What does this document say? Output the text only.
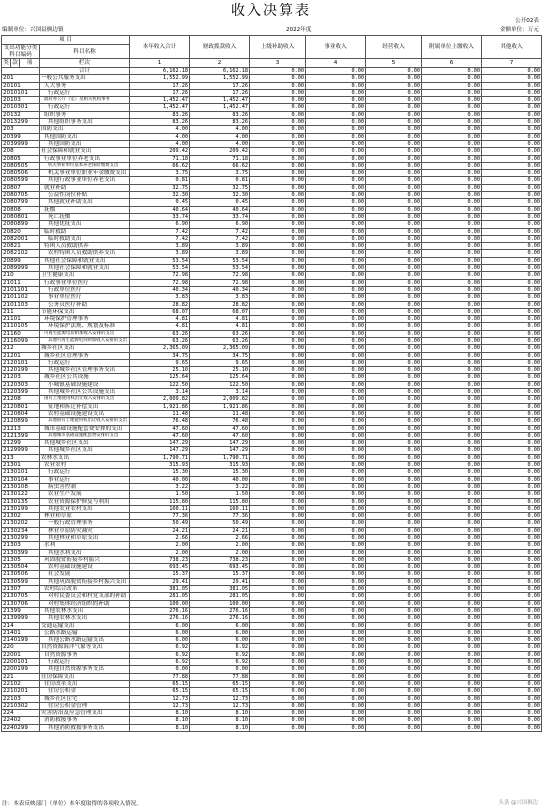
收入决算表
公开02表
编制单位：兴国县枫边镇	2022年度	金额单位：万元
项 目				本年收入合计	财政拨款收入	上级补助收入	事业收入	经营收入	附属单位上缴收入	其他收入
支出功能分类科目编码			科目名称							

类	款	项	栏次	1	2	3	4	5	6	7
			合计	6,162.18	6,162.18	0.00	0.00	0.00	0.00	0.00
201			一般公共服务支出	1,552.99	1,552.99	0.00	0.00	0.00	0.00	0.00
20101			人大事务	17.26	17.26	0.00	0.00	0.00	0.00	0.00
2010101			行政运行	17.26	17.26	0.00	0.00	0.00	0.00	0.00
20103			政府办公厅（室）及相关机构事务	1,452.47	1,452.47	0.00	0.00	0.00	0.00	0.00
2010301			行政运行	1,452.47	1,452.47	0.00	0.00	0.00	0.00	0.00
20132			组织事务	83.26	83.26	0.00	0.00	0.00	0.00	0.00
2013299			其他组织事务支出	83.26	83.26	0.00	0.00	0.00	0.00	0.00
203			国防支出	4.00	4.00	0.00	0.00	0.00	0.00	0.00
20399			其他国防支出	4.00	4.00	0.00	0.00	0.00	0.00	0.00
2039999			其他国防支出	4.00	4.00	0.00	0.00	0.00	0.00	0.00
208			社会保障和就业支出	209.42	209.42	0.00	0.00	0.00	0.00	0.00
20805			行政事业单位养老支出	71.18	71.18	0.00	0.00	0.00	0.00	0.00
2080505			机关事业单位基本养老保险缴费支出	66.62	66.62	0.00	0.00	0.00	0.00	0.00
2080506			机关事业单位职业年金缴费支出	3.75	3.75	0.00	0.00	0.00	0.00	0.00
2080599			其他行政事业单位养老支出	0.81	0.81	0.00	0.00	0.00	0.00	0.00
20807			就业补助	32.75	32.75	0.00	0.00	0.00	0.00	0.00
2080705			公益性岗位补贴	32.30	32.30	0.00	0.00	0.00	0.00	0.00
2080799			其他就业补助支出	0.45	0.45	0.00	0.00	0.00	0.00	0.00
20808			抚恤	40.64	40.64	0.00	0.00	0.00	0.00	0.00
2080801			死亡抚恤	33.74	33.74	0.00	0.00	0.00	0.00	0.00
2080899			其他优抚支出	6.90	6.90	0.00	0.00	0.00	0.00	0.00
20820			临时救助	7.42	7.42	0.00	0.00	0.00	0.00	0.00
2082001			临时救助支出	7.42	7.42	0.00	0.00	0.00	0.00	0.00
20821			特困人员救助供养	3.89	3.89	0.00	0.00	0.00	0.00	0.00
2082102			农村特困人员救助供养支出	3.89	3.89	0.00	0.00	0.00	0.00	0.00
20899			其他社会保障和就业支出	53.54	53.54	0.00	0.00	0.00	0.00	0.00
2089999			其他社会保障和就业支出	53.54	53.54	0.00	0.00	0.00	0.00	0.00
210			卫生健康支出	72.98	72.98	0.00	0.00	0.00	0.00	0.00
21011			行政事业单位医疗	72.98	72.98	0.00	0.00	0.00	0.00	0.00
2101101			行政单位医疗	40.34	40.34	0.00	0.00	0.00	0.00	0.00
2101102			事业单位医疗	3.83	3.83	0.00	0.00	0.00	0.00	0.00
2101103			公务员医疗补助	28.82	28.82	0.00	0.00	0.00	0.00	0.00
211			节能环保支出	68.07	68.07	0.00	0.00	0.00	0.00	0.00
21101			环境保护管理事务	4.81	4.81	0.00	0.00	0.00	0.00	0.00
2110105			环境保护法规、规划及标准	4.81	4.81	0.00	0.00	0.00	0.00	0.00
21160			可再生能源电价附加收入安排的支出	63.26	63.26	0.00	0.00	0.00	0.00	0.00
2116099			其他可再生能源电价附加收入安排的支出	63.26	63.26	0.00	0.00	0.00	0.00	0.00
212			城乡社区支出	2,365.09	2,365.09	0.00	0.00	0.00	0.00	0.00
21201			城乡社区管理事务	34.75	34.75	0.00	0.00	0.00	0.00	0.00
2120101			行政运行	9.65	9.65	0.00	0.00	0.00	0.00	0.00
2120199			其他城乡社区管理事务支出	25.10	25.10	0.00	0.00	0.00	0.00	0.00
21203			城乡社区公共设施	125.64	125.64	0.00	0.00	0.00	0.00	0.00
2120303			小城镇基础设施建设	122.50	122.50	0.00	0.00	0.00	0.00	0.00
2120399			其他城乡社区公共设施支出	3.14	3.14	0.00	0.00	0.00	0.00	0.00
21208			国有土地使用权出让收入安排的支出	2,009.82	2,009.82	0.00	0.00	0.00	0.00	0.00
2120801			征地和拆迁补偿支出	1,921.86	1,921.86	0.00	0.00	0.00	0.00	0.00
2120804			农村基础设施建设支出	11.48	11.48	0.00	0.00	0.00	0.00	0.00
2120899			其他国有土地使用权出让收入安排的支出	76.48	76.48	0.00	0.00	0.00	0.00	0.00
21213			城市基础设施配套费安排的支出	47.60	47.60	0.00	0.00	0.00	0.00	0.00
2121399			其他城市基础设施配套费安排的支出	47.60	47.60	0.00	0.00	0.00	0.00	0.00
21299			其他城乡社区支出	147.29	147.29	0.00	0.00	0.00	0.00	0.00
2129999			其他城乡社区支出	147.29	147.29	0.00	0.00	0.00	0.00	0.00
213			农林水支出	1,790.71	1,790.71	0.00	0.00	0.00	0.00	0.00
21301			农业农村	315.93	315.93	0.00	0.00	0.00	0.00	0.00
2130101			行政运行	15.30	15.30	0.00	0.00	0.00	0.00	0.00
2130104			事业运行	40.00	40.00	0.00	0.00	0.00	0.00	0.00
2130108			病虫害控制	3.22	3.22	0.00	0.00	0.00	0.00	0.00
2130122			农业生产发展	1.50	1.50	0.00	0.00	0.00	0.00	0.00
2130135			农业资源保护修复与利用	115.80	115.80	0.00	0.00	0.00	0.00	0.00
2130199			其他农业农村支出	160.11	160.11	0.00	0.00	0.00	0.00	0.00
21302			林业和草原	77.36	77.36	0.00	0.00	0.00	0.00	0.00
2130202			一般行政管理事务	50.49	50.49	0.00	0.00	0.00	0.00	0.00
2130234			林业草原防灾减灾	24.21	24.21	0.00	0.00	0.00	0.00	0.00
2130299			其他林业和草原支出	2.66	2.66	0.00	0.00	0.00	0.00	0.00
21303			水利	2.00	2.00	0.00	0.00	0.00	0.00	0.00
2130399			其他水利支出	2.00	2.00	0.00	0.00	0.00	0.00	0.00
21305			巩固脱贫衔接乡村振兴	738.23	738.23	0.00	0.00	0.00	0.00	0.00
2130504			农村基础设施建设	693.45	693.45	0.00	0.00	0.00	0.00	0.00
2130506			社会发展	15.37	15.37	0.00	0.00	0.00	0.00	0.00
2130599			其他巩固脱贫衔接乡村振兴支出	29.41	29.41	0.00	0.00	0.00	0.00	0.00
21307			农村综合改革	381.05	381.05	0.00	0.00	0.00	0.00	0.00
2130705			对村民委员会和村党支部的补助	281.05	281.05	0.00	0.00	0.00	0.00	0.00
2130706			对村集体经济组织的补助	100.00	100.00	0.00	0.00	0.00	0.00	0.00
21399			其他农林水支出	276.16	276.16	0.00	0.00	0.00	0.00	0.00
2139999			其他农林水支出	276.16	276.16	0.00	0.00	0.00	0.00	0.00
214			交通运输支出	6.00	6.00	0.00	0.00	0.00	0.00	0.00
21401			公路水路运输	6.00	6.00	0.00	0.00	0.00	0.00	0.00
2140199			其他公路水路运输支出	6.00	6.00	0.00	0.00	0.00	0.00	0.00
220			自然资源海洋气象等支出	6.92	6.92	0.00	0.00	0.00	0.00	0.00
22001			自然资源事务	6.92	6.92	0.00	0.00	0.00	0.00	0.00
2200101			行政运行	6.92	6.92	0.00	0.00	0.00	0.00	0.00
2200199			其他自然资源事务支出	0.00	0.00	0.00	0.00	0.00	0.00	0.00
221			住房保障支出	77.88	77.88	0.00	0.00	0.00	0.00	0.00
22102			住房改革支出	65.15	65.15	0.00	0.00	0.00	0.00	0.00
2210201			住房公积金	65.15	65.15	0.00	0.00	0.00	0.00	0.00
22103			城乡社区住宅	12.73	12.73	0.00	0.00	0.00	0.00	0.00
2210302			住房公积金管理	12.73	12.73	0.00	0.00	0.00	0.00	0.00
224			灾害防治及应急管理支出	8.10	8.10	0.00	0.00	0.00	0.00	0.00
22402			消防救援事务	8.10	8.10	0.00	0.00	0.00	0.00	0.00
2240299			其他消防救援事务支出	8.10	8.10	0.00	0.00	0.00	0.00	0.00
注：本表反映部门（单位）本年度取得的各项收入情况。	头条 @兴国枫边
